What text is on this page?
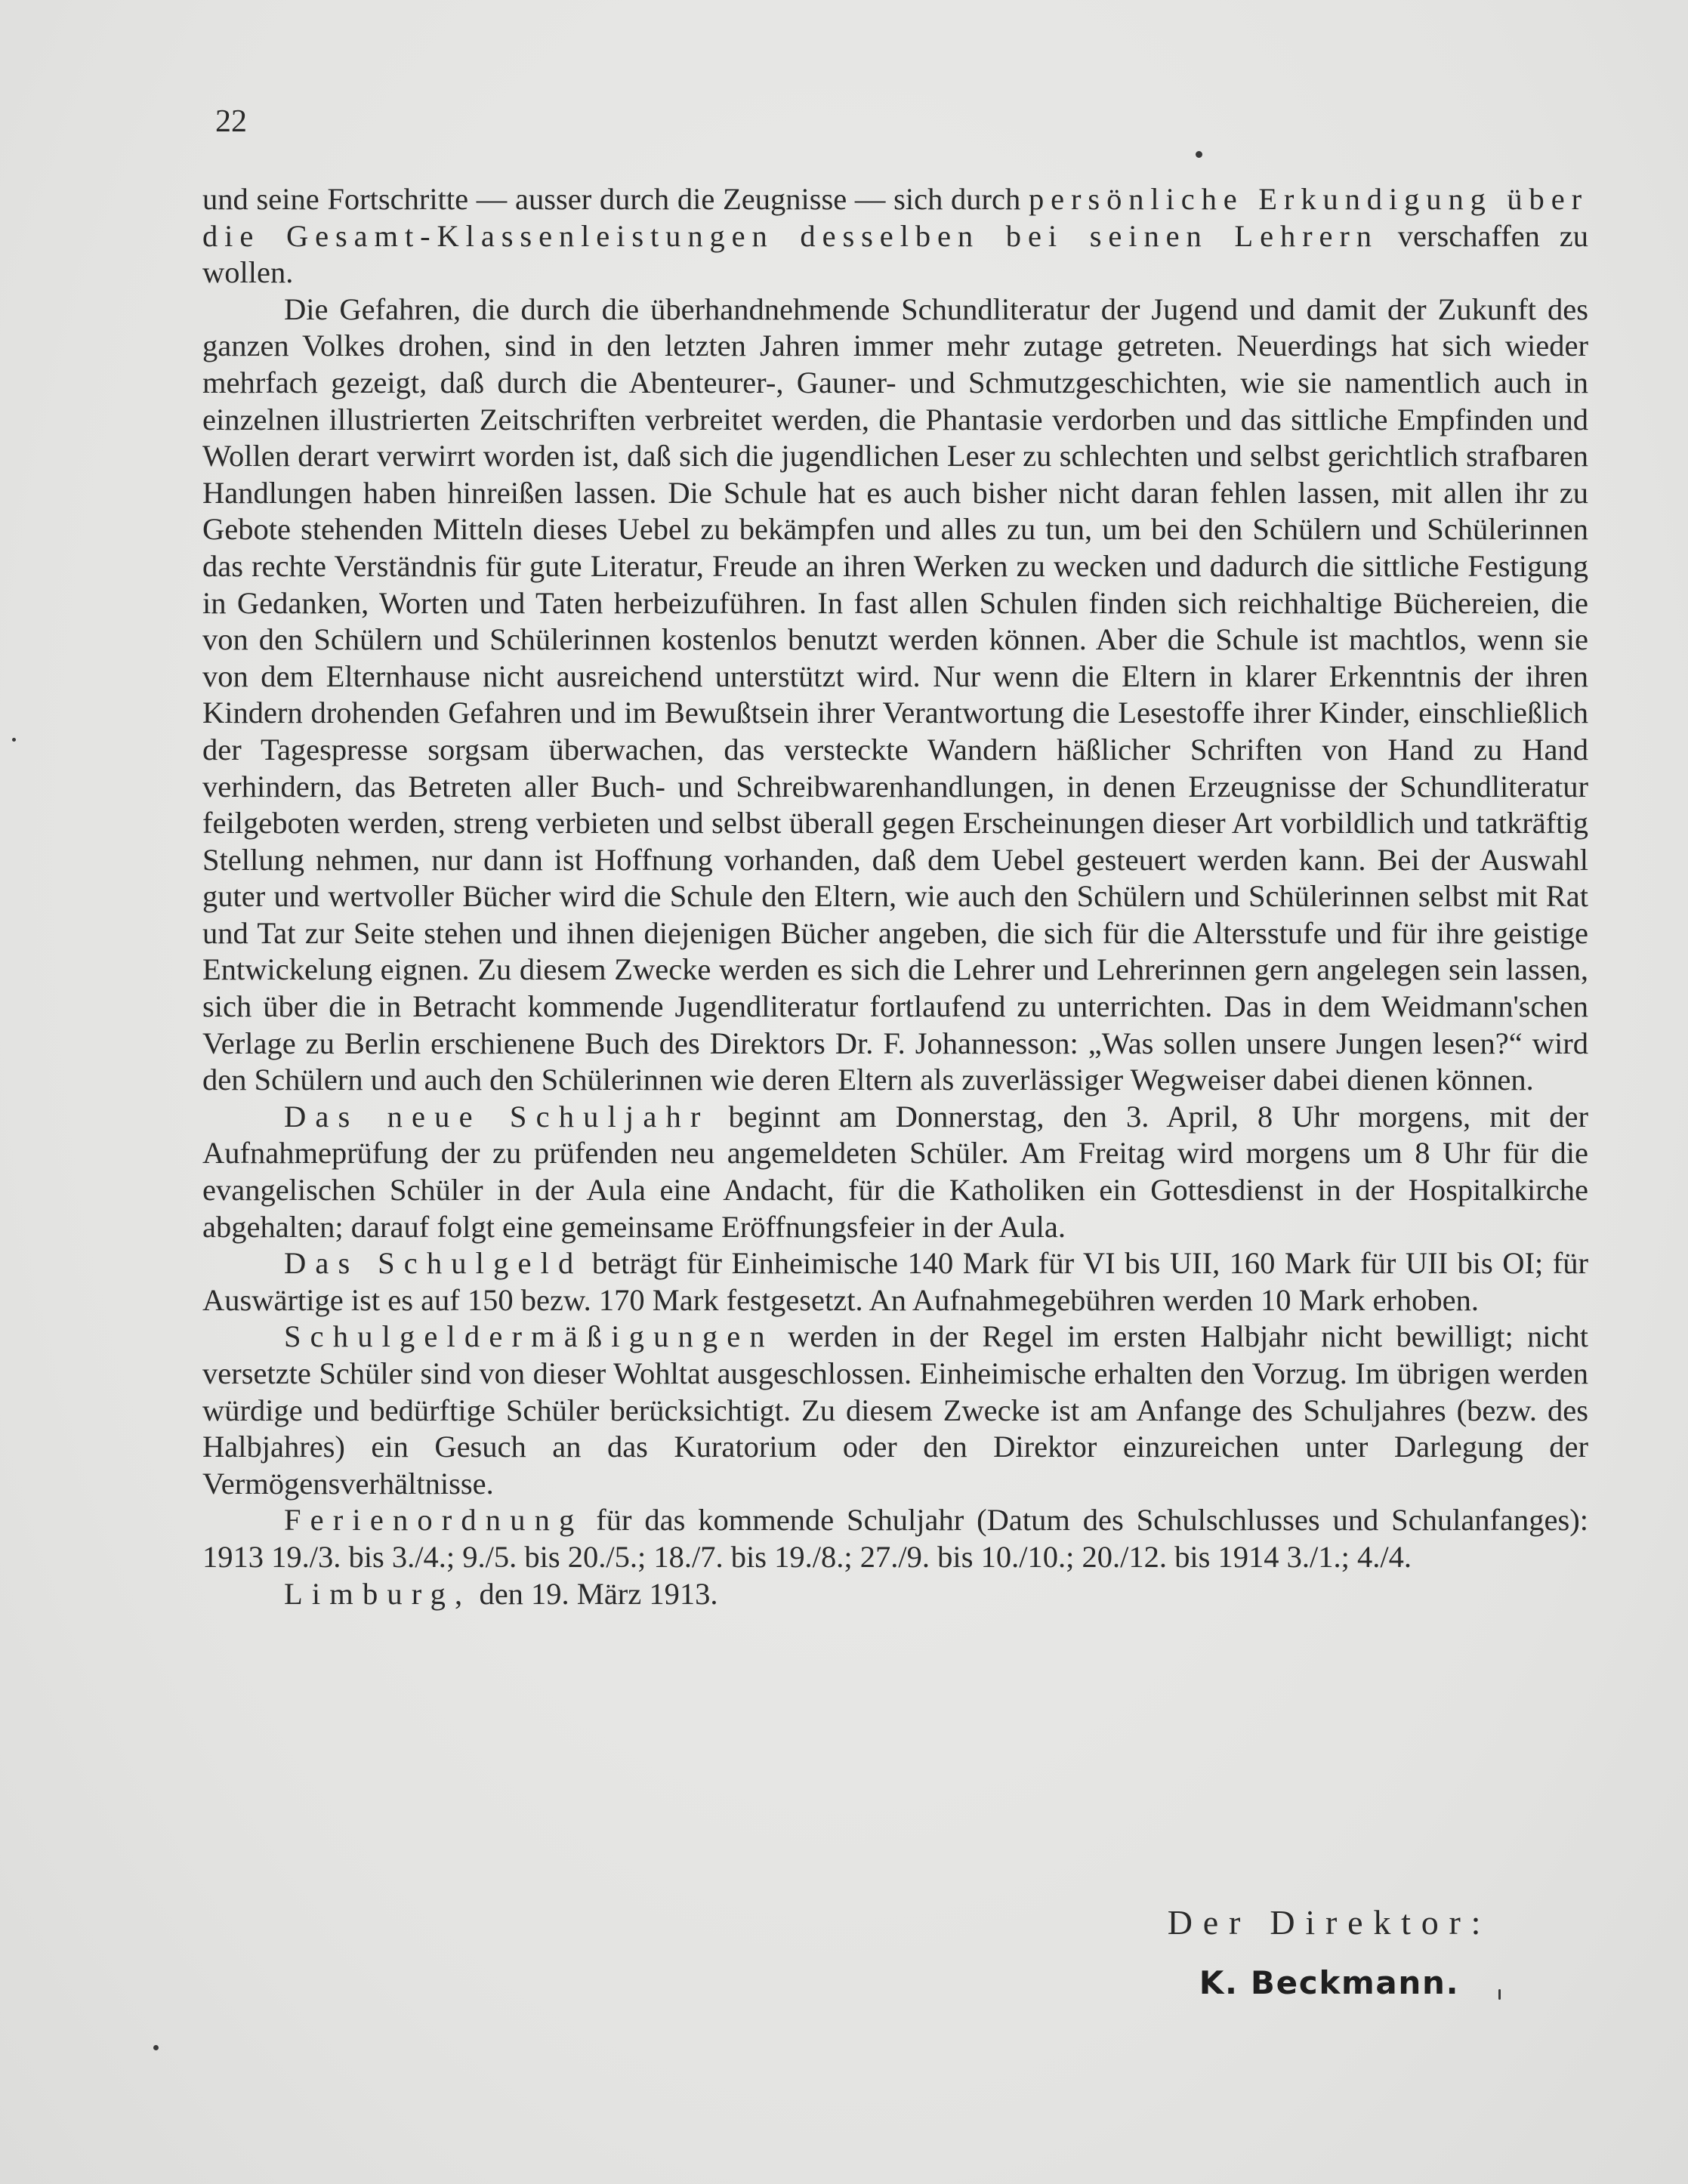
22

und seine Fortschritte — ausser durch die Zeugnisse — sich durch persönliche Erkundigung über die Gesamt-Klassenleistungen desselben bei seinen Lehrern verschaffen zu wollen.

Die Gefahren, die durch die überhandnehmende Schundliteratur der Jugend und damit der Zukunft des ganzen Volkes drohen, sind in den letzten Jahren immer mehr zutage getreten. Neuerdings hat sich wieder mehrfach gezeigt, daß durch die Abenteurer-, Gauner- und Schmutzgeschichten, wie sie namentlich auch in einzelnen illustrierten Zeitschriften verbreitet werden, die Phantasie verdorben und das sittliche Empfinden und Wollen derart verwirrt worden ist, daß sich die jugendlichen Leser zu schlechten und selbst gerichtlich strafbaren Handlungen haben hinreißen lassen. Die Schule hat es auch bisher nicht daran fehlen lassen, mit allen ihr zu Gebote stehenden Mitteln dieses Uebel zu bekämpfen und alles zu tun, um bei den Schülern und Schülerinnen das rechte Verständnis für gute Literatur, Freude an ihren Werken zu wecken und dadurch die sittliche Festigung in Gedanken, Worten und Taten herbeizuführen. In fast allen Schulen finden sich reichhaltige Büchereien, die von den Schülern und Schülerinnen kostenlos benutzt werden können. Aber die Schule ist machtlos, wenn sie von dem Elternhause nicht ausreichend unterstützt wird. Nur wenn die Eltern in klarer Erkenntnis der ihren Kindern drohenden Gefahren und im Bewußtsein ihrer Verantwortung die Lesestoffe ihrer Kinder, einschließlich der Tagespresse sorgsam überwachen, das versteckte Wandern häßlicher Schriften von Hand zu Hand verhindern, das Betreten aller Buch- und Schreibwarenhandlungen, in denen Erzeugnisse der Schundliteratur feilgeboten werden, streng verbieten und selbst überall gegen Erscheinungen dieser Art vorbildlich und tatkräftig Stellung nehmen, nur dann ist Hoffnung vorhanden, daß dem Uebel gesteuert werden kann. Bei der Auswahl guter und wertvoller Bücher wird die Schule den Eltern, wie auch den Schülern und Schülerinnen selbst mit Rat und Tat zur Seite stehen und ihnen diejenigen Bücher angeben, die sich für die Altersstufe und für ihre geistige Entwickelung eignen. Zu diesem Zwecke werden es sich die Lehrer und Lehrerinnen gern angelegen sein lassen, sich über die in Betracht kommende Jugendliteratur fortlaufend zu unterrichten. Das in dem Weidmann'schen Verlage zu Berlin erschienene Buch des Direktors Dr. F. Johannesson: „Was sollen unsere Jungen lesen?“ wird den Schülern und auch den Schülerinnen wie deren Eltern als zuverlässiger Wegweiser dabei dienen können.

Das neue Schuljahr beginnt am Donnerstag, den 3. April, 8 Uhr morgens, mit der Aufnahmeprüfung der zu prüfenden neu angemeldeten Schüler. Am Freitag wird morgens um 8 Uhr für die evangelischen Schüler in der Aula eine Andacht, für die Katholiken ein Gottesdienst in der Hospitalkirche abgehalten; darauf folgt eine gemeinsame Eröffnungsfeier in der Aula.

Das Schulgeld beträgt für Einheimische 140 Mark für VI bis UII, 160 Mark für UII bis OI; für Auswärtige ist es auf 150 bezw. 170 Mark festgesetzt. An Aufnahmegebühren werden 10 Mark erhoben.

Schulgeldermäßigungen werden in der Regel im ersten Halbjahr nicht bewilligt; nicht versetzte Schüler sind von dieser Wohltat ausgeschlossen. Einheimische erhalten den Vorzug. Im übrigen werden würdige und bedürftige Schüler berücksichtigt. Zu diesem Zwecke ist am Anfange des Schuljahres (bezw. des Halbjahres) ein Gesuch an das Kuratorium oder den Direktor einzureichen unter Darlegung der Vermögensverhältnisse.

Ferienordnung für das kommende Schuljahr (Datum des Schulschlusses und Schulanfanges): 1913 19./3. bis 3./4.; 9./5. bis 20./5.; 18./7. bis 19./8.; 27./9. bis 10./10.; 20./12. bis 1914 3./1.; 4./4.

Limburg, den 19. März 1913.

Der Direktor:
K. Beckmann.
